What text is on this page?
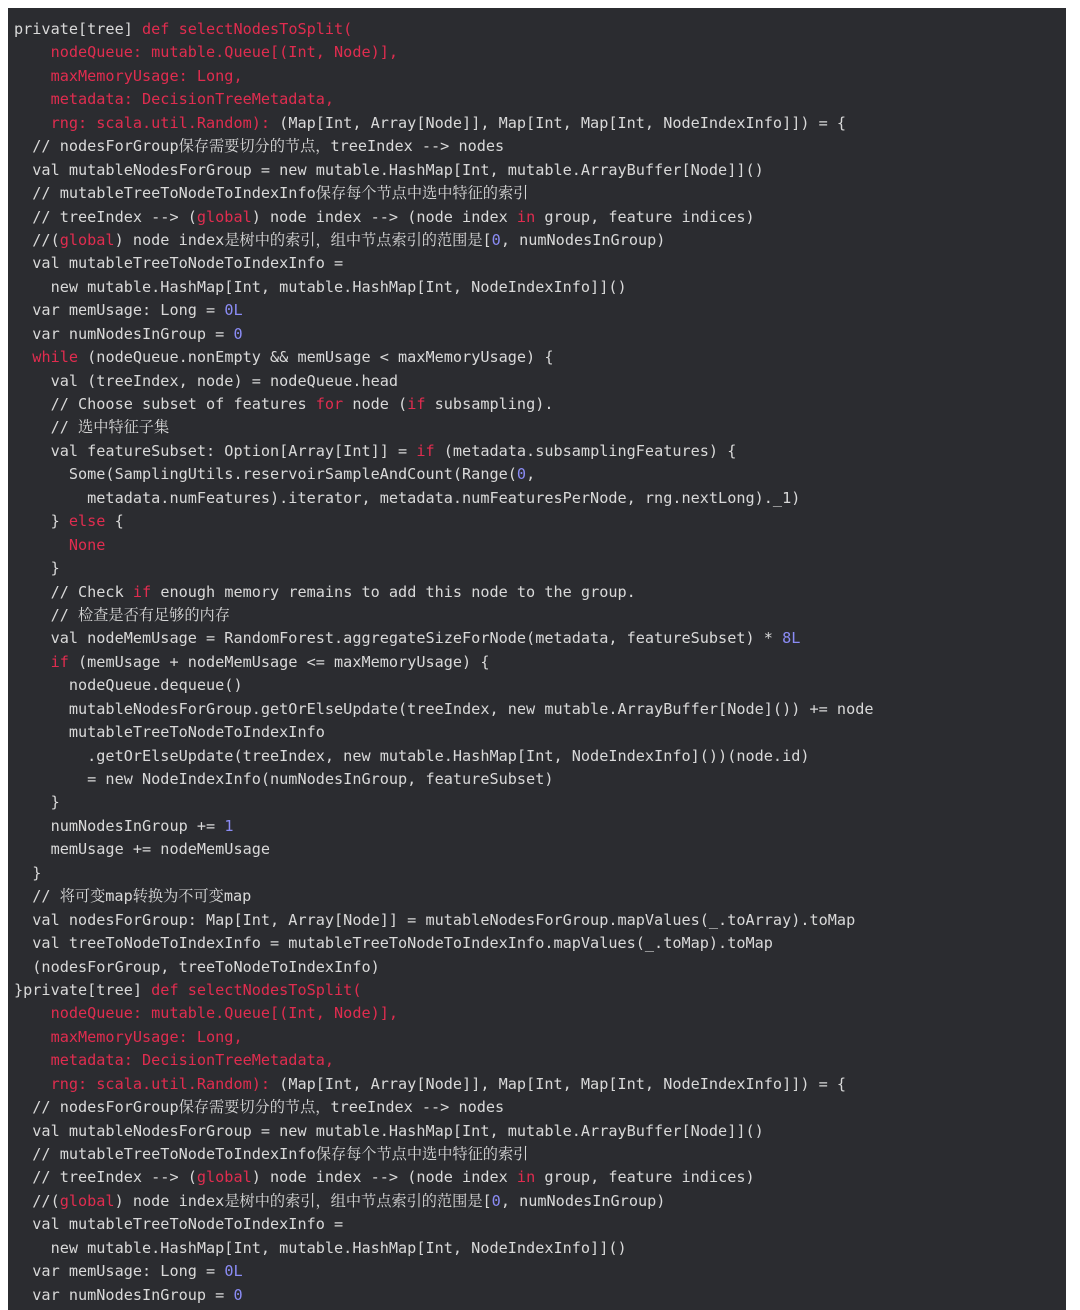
private[tree] def selectNodesToSplit(
nodeQueue: mutable.Queue[(Int, Node)],
maxMemoryUsage: Long,
metadata: DecisionTreeMetadata,
rng: scala.util.Random): (Map[Int, Array[Node]], Map[Int, Map[Int, NodeIndexInfo]]) = {
// nodesForGroup保存需要切分的节点，treeIndex --> nodes
val mutableNodesForGroup = new mutable.HashMap[Int, mutable.ArrayBuffer[Node]]()
// mutableTreeToNodeToIndexInfo保存每个节点中选中特征的索引
// treeIndex --> (global) node index --> (node index in group, feature indices)
//(global) node index是树中的索引，组中节点索引的范围是[0, numNodesInGroup)
val mutableTreeToNodeToIndexInfo =
new mutable.HashMap[Int, mutable.HashMap[Int, NodeIndexInfo]]()
var memUsage: Long = 0L
var numNodesInGroup = 0
while (nodeQueue.nonEmpty && memUsage < maxMemoryUsage) {
val (treeIndex, node) = nodeQueue.head
// Choose subset of features for node (if subsampling).
// 选中特征子集
val featureSubset: Option[Array[Int]] = if (metadata.subsamplingFeatures) {
Some(SamplingUtils.reservoirSampleAndCount(Range(0,
metadata.numFeatures).iterator, metadata.numFeaturesPerNode, rng.nextLong)._1)
} else {
None
}
// Check if enough memory remains to add this node to the group.
// 检查是否有足够的内存
val nodeMemUsage = RandomForest.aggregateSizeForNode(metadata, featureSubset) * 8L
if (memUsage + nodeMemUsage <= maxMemoryUsage) {
nodeQueue.dequeue()
mutableNodesForGroup.getOrElseUpdate(treeIndex, new mutable.ArrayBuffer[Node]()) += node
mutableTreeToNodeToIndexInfo
.getOrElseUpdate(treeIndex, new mutable.HashMap[Int, NodeIndexInfo]())(node.id)
= new NodeIndexInfo(numNodesInGroup, featureSubset)
}
numNodesInGroup += 1
memUsage += nodeMemUsage
}
// 将可变map转换为不可变map
val nodesForGroup: Map[Int, Array[Node]] = mutableNodesForGroup.mapValues(_.toArray).toMap
val treeToNodeToIndexInfo = mutableTreeToNodeToIndexInfo.mapValues(_.toMap).toMap
(nodesForGroup, treeToNodeToIndexInfo)
}private[tree] def selectNodesToSplit(
nodeQueue: mutable.Queue[(Int, Node)],
maxMemoryUsage: Long,
metadata: DecisionTreeMetadata,
rng: scala.util.Random): (Map[Int, Array[Node]], Map[Int, Map[Int, NodeIndexInfo]]) = {
// nodesForGroup保存需要切分的节点，treeIndex --> nodes
val mutableNodesForGroup = new mutable.HashMap[Int, mutable.ArrayBuffer[Node]]()
// mutableTreeToNodeToIndexInfo保存每个节点中选中特征的索引
// treeIndex --> (global) node index --> (node index in group, feature indices)
//(global) node index是树中的索引，组中节点索引的范围是[0, numNodesInGroup)
val mutableTreeToNodeToIndexInfo =
new mutable.HashMap[Int, mutable.HashMap[Int, NodeIndexInfo]]()
var memUsage: Long = 0L
var numNodesInGroup = 0
